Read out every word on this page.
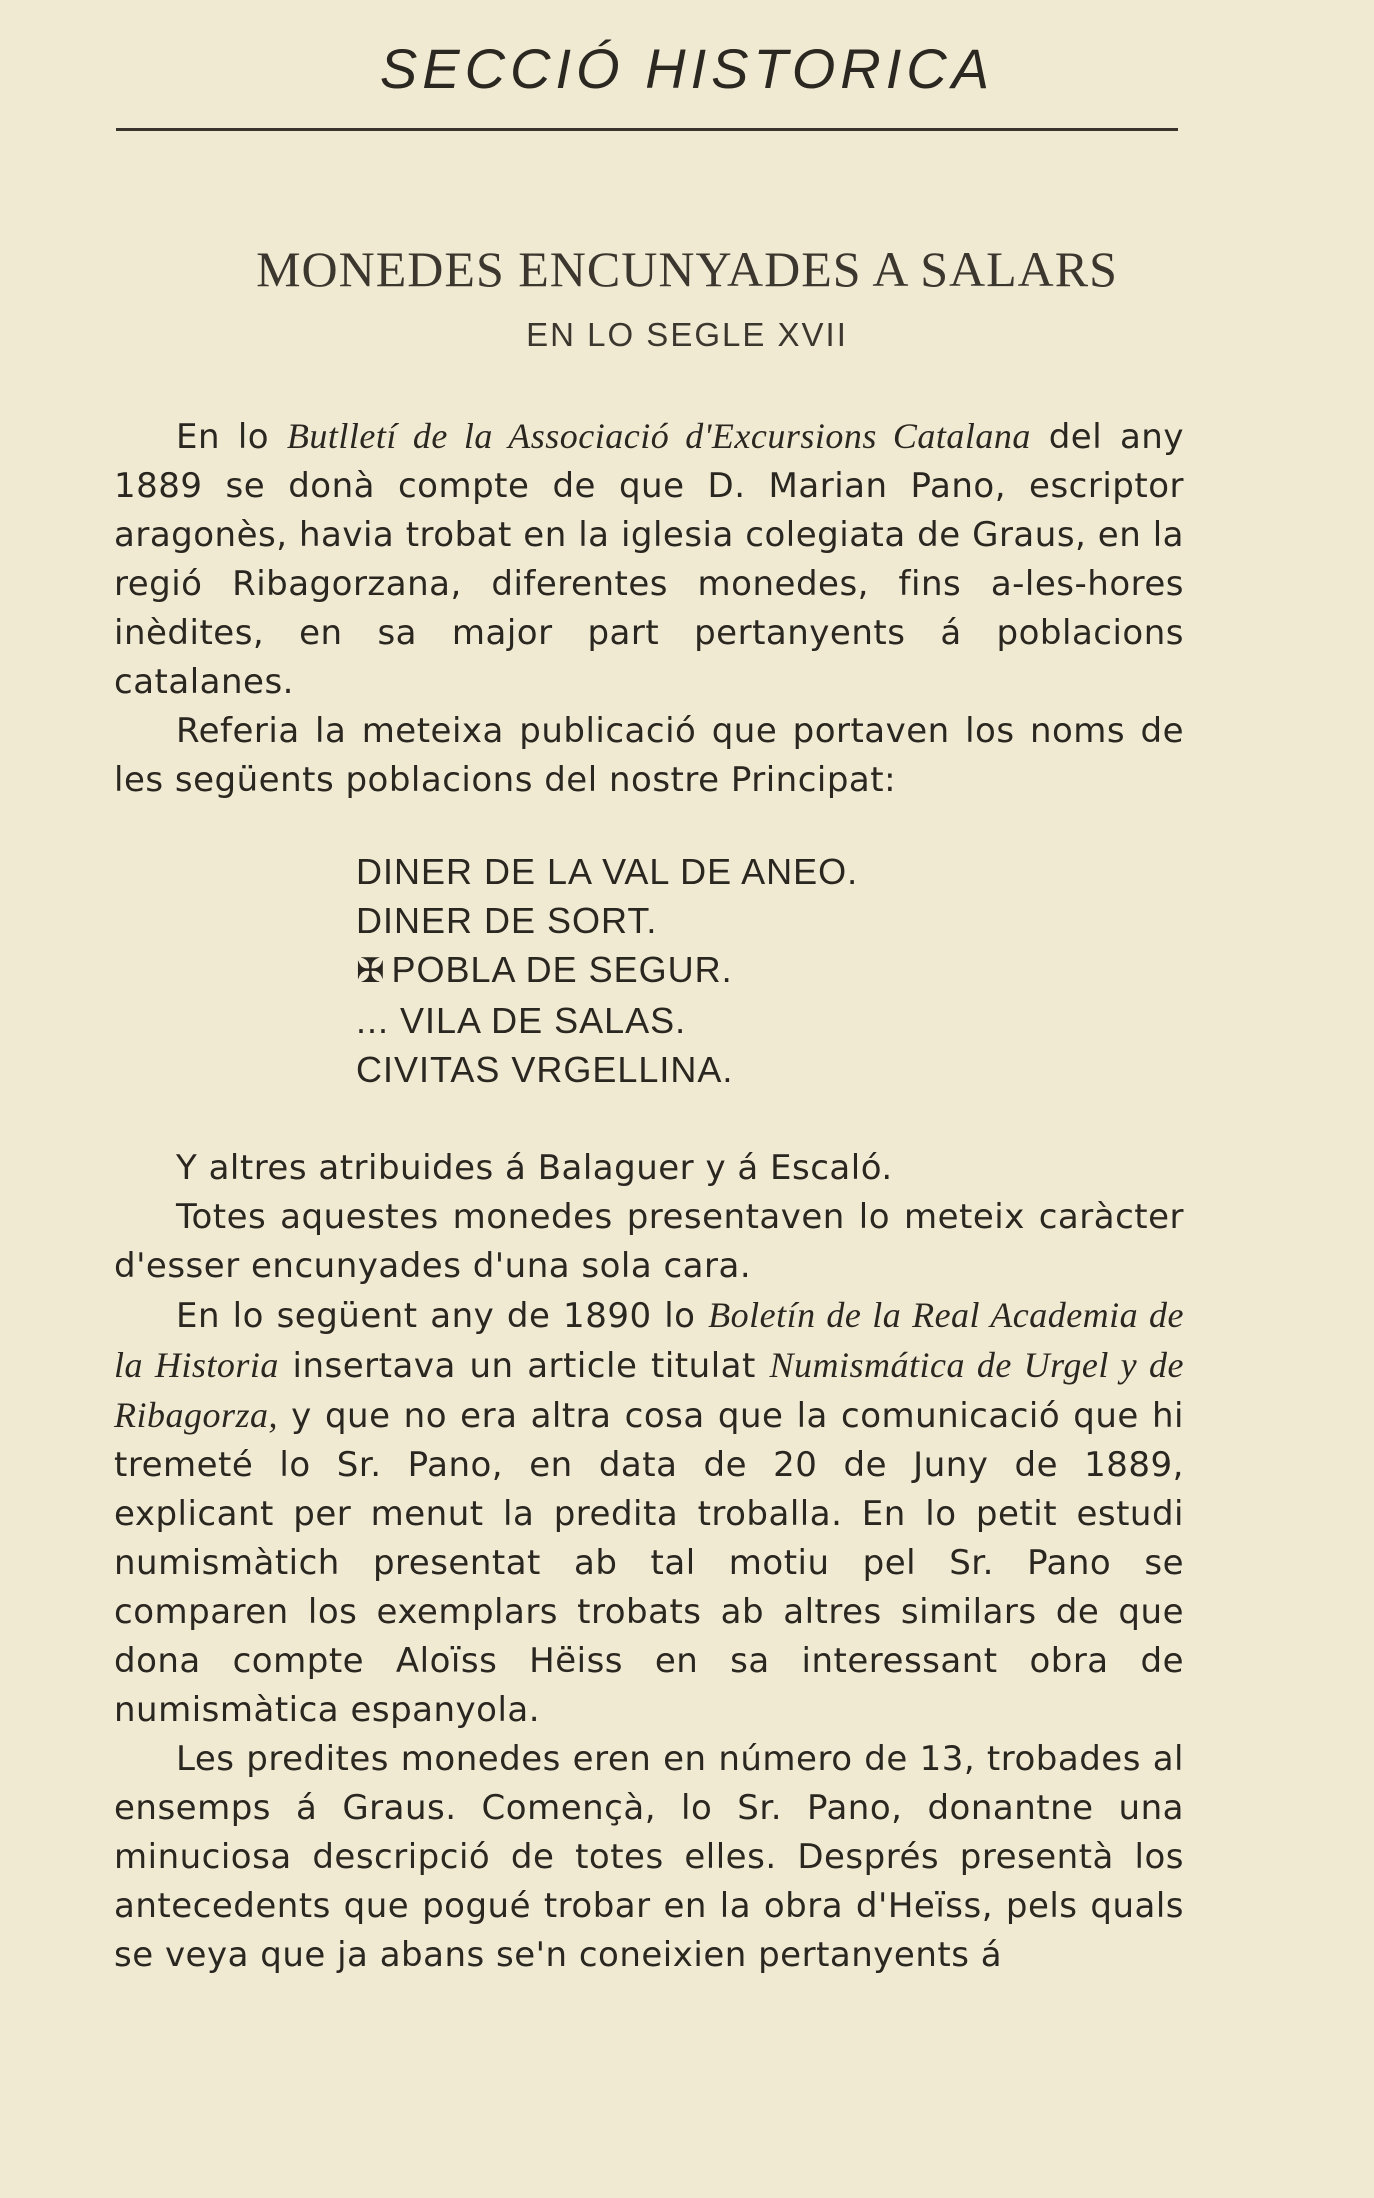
SECCIÓ HISTORICA
MONEDES ENCUNYADES A SALARS
EN LO SEGLE XVII

En lo Butlletí de la Associació d'Excursions Catalana del any 1889 se donà compte de que D. Marian Pano, escriptor aragonès, havia trobat en la iglesia colegiata de Graus, en la regió Ribagorzana, diferentes monedes, fins a-les-hores inèdites, en sa major part pertanyents á poblacions catalanes.

Referia la meteixa publicació que portaven los noms de les següents poblacions del nostre Principat:

DINER DE LA VAL DE ANEO.
DINER DE SORT.
✠ POBLA DE SEGUR.
... VILA DE SALAS.
CIVITAS VRGELLINA.

Y altres atribuides á Balaguer y á Escaló.

Totes aquestes monedes presentaven lo meteix caràcter d'esser encunyades d'una sola cara.

En lo següent any de 1890 lo Boletín de la Real Academia de la Historia insertava un article titulat Numismática de Urgel y de Ribagorza, y que no era altra cosa que la comunicació que hi tremeté lo Sr. Pano, en data de 20 de Juny de 1889, explicant per menut la predita troballa. En lo petit estudi numismàtich presentat ab tal motiu pel Sr. Pano se comparen los exemplars trobats ab altres similars de que dona compte Aloïss Hëiss en sa interessant obra de numismàtica espanyola.

Les predites monedes eren en número de 13, trobades al ensemps á Graus. Començà, lo Sr. Pano, donantne una minuciosa descripció de totes elles. Després presentà los antecedents que pogué trobar en la obra d'Heïss, pels quals se veya que ja abans se'n coneixien pertanyents á
